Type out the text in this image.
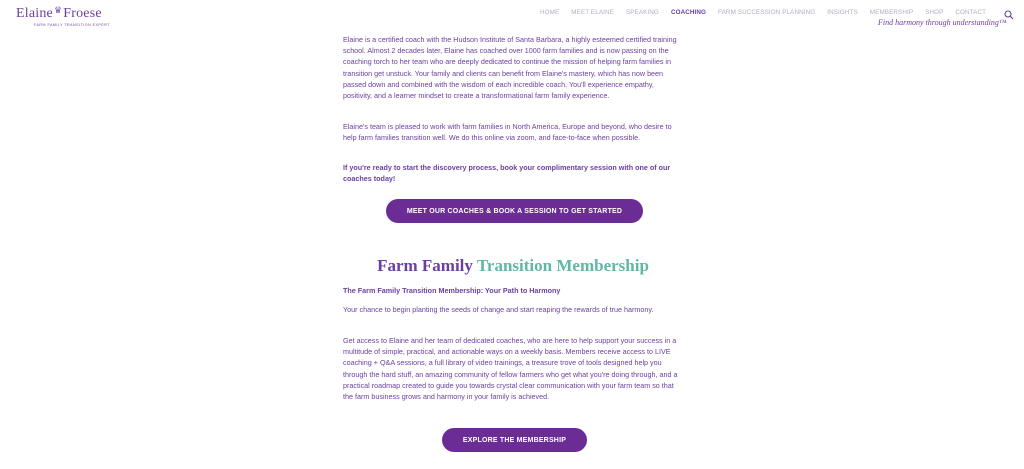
Elaine♛Froese
FARM FAMILY TRANSITION EXPERT
HOME MEET ELAINE SPEAKING COACHING FARM SUCCESSION PLANNING INSIGHTS MEMBERSHIP SHOP CONTACT
Find harmony through understanding™

Elaine is a certified coach with the Hudson Institute of Santa Barbara, a highly esteemed certified training school. Almost 2 decades later, Elaine has coached over 1000 farm families and is now passing on the coaching torch to her team who are deeply dedicated to continue the mission of helping farm families in transition get unstuck. Your family and clients can benefit from Elaine's mastery, which has now been passed down and combined with the wisdom of each incredible coach. You'll experience empathy, positivity, and a learner mindset to create a transformational farm family experience.

Elaine's team is pleased to work with farm families in North America, Europe and beyond, who desire to help farm families transition well. We do this online via zoom, and face-to-face when possible.

If you're ready to start the discovery process, book your complimentary session with one of our coaches today!

MEET OUR COACHES & BOOK A SESSION TO GET STARTED
Farm Family Transition Membership

The Farm Family Transition Membership: Your Path to Harmony

Your chance to begin planting the seeds of change and start reaping the rewards of true harmony.

Get access to Elaine and her team of dedicated coaches, who are here to help support your success in a multitude of simple, practical, and actionable ways on a weekly basis. Members receive access to LIVE coaching + Q&A sessions, a full library of video trainings, a treasure trove of tools designed help you through the hard stuff, an amazing community of fellow farmers who get what you're doing through, and a practical roadmap created to guide you towards crystal clear communication with your farm team so that the farm business grows and harmony in your family is achieved.

EXPLORE THE MEMBERSHIP
